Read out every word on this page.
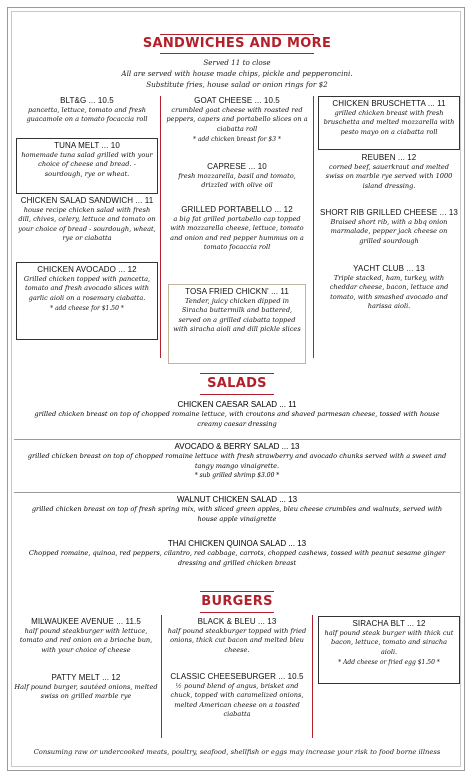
SANDWICHES AND MORE
Served 11 to close
All are served with house made chips, pickle and pepperoncini.
Substitute fries, house salad or onion rings for $2
BLT&G ... 10.5
pancetta, lettuce, tomato and fresh guacamole on a tomato focaccia roll
TUNA MELT ... 10
homemade tuna salad grilled with your choice of cheese and bread. - sourdough, rye or wheat.
CHICKEN SALAD SANDWICH ... 11
house recipe chicken salad with fresh dill, chives, celery, lettuce and tomato on your choice of bread - sourdough, wheat, rye or ciabatta
CHICKEN AVOCADO ... 12
Grilled chicken topped with pancetta, tomato and fresh avocado slices with garlic aioli on a rosemary ciabatta.
* add cheese for $1.50 *
GOAT CHEESE ... 10.5
crumbled goat cheese with roasted red peppers, capers and portabello slices on a ciabatta roll
* add chicken breast for $3 *
CAPRESE ... 10
fresh mozzarella, basil and tomato, drizzled with olive oil
GRILLED PORTABELLO ... 12
a big fat grilled portabello cap topped with mozzarella cheese, lettuce, tomato and onion and red pepper hummus on a tomato focaccia roll
TOSA FRIED CHICKN' ... 11
Tender, juicy chicken dipped in Siracha buttermilk and battered, served on a grilled ciabatta topped with siracha aioli and dill pickle slices
CHICKEN BRUSCHETTA ... 11
grilled chicken breast with fresh bruschetta and melted mozzarella with pesto mayo on a ciabatta roll
REUBEN ... 12
corned beef, sauerkraut and melted swiss on marble rye served with 1000 island dressing.
SHORT RIB GRILLED CHEESE ... 13
Braised short rib, with a bbq onion marmalade, pepper jack cheese on grilled sourdough
YACHT CLUB ... 13
Triple stacked, ham, turkey, with cheddar cheese, bacon, lettuce and tomato, with smashed avocado and harissa aioli.
SALADS
CHICKEN CAESAR SALAD ... 11
grilled chicken breast on top of chopped romaine lettuce, with croutons and shaved parmesan cheese, tossed with house creamy caesar dressing
AVOCADO & BERRY SALAD ... 13
grilled chicken breast on top of chopped romaine lettuce with fresh strawberry and avocado chunks served with a sweet and tangy mango vinaigrette.
* sub grilled shrimp $3.00 *
WALNUT CHICKEN SALAD ... 13
grilled chicken breast on top of fresh spring mix, with sliced green apples, bleu cheese crumbles and walnuts, served with house apple vinaigrette
THAI CHICKEN QUINOA SALAD ... 13
Chopped romaine, quinoa, red peppers, cilantro, red cabbage, carrots, chopped cashews, tossed with peanut sesame ginger dressing and grilled chicken breast
BURGERS
MILWAUKEE AVENUE ... 11.5
half pound steakburger with lettuce, tomato and red onion on a brioche bun, with your choice of cheese
PATTY MELT ... 12
Half pound burger, sautéed onions, melted swiss on grilled marble rye
BLACK & BLEU ... 13
half pound steakburger topped with fried onions, thick cut bacon and melted bleu cheese.
CLASSIC CHEESEBURGER ... 10.5
½ pound blend of angus, brisket and chuck, topped with caramelized onions, melted American cheese on a toasted ciabatta
SIRACHA BLT ... 12
half pound steak burger with thick cut bacon, lettuce, tomato and siracha aioli.
* Add cheese or fried egg $1.50 *
Consuming raw or undercooked meats, poultry, seafood, shellfish or eggs may increase your risk to food borne illness
